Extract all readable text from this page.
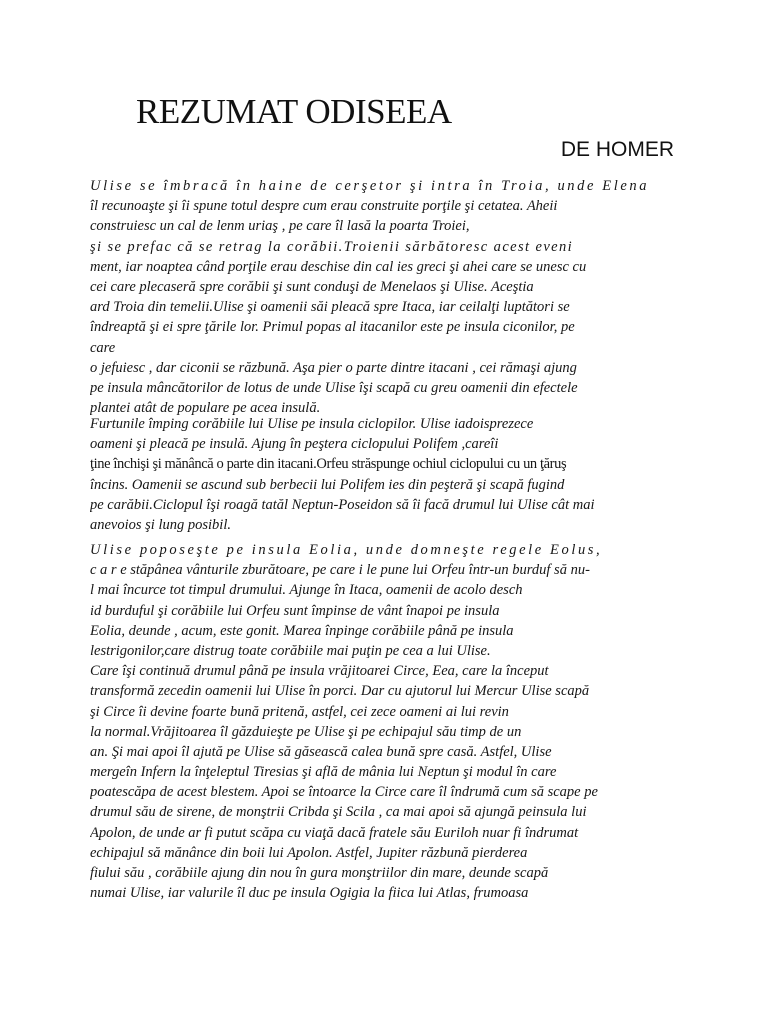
REZUMAT ODISEEA
DE HOMER
Ulise se îmbracă în haine de cerşetor şi intra în Troia, unde Elena
îl recunoaşte şi îi spune totul despre cum erau construite porţile şi cetatea. Aheii
construiesc un cal de lenm uriaş , pe care îl lasă la poarta Troiei,
şi se prefac că se retrag la corăbii.Troienii sărbătoresc acest eveni
ment, iar noaptea când porţile erau deschise din cal ies greci şi ahei care se unesc cu
cei care plecaseră spre corăbii şi sunt conduşi de Menelaos şi Ulise. Aceştia
ard Troia din temelii.Ulise şi oamenii săi pleacă spre Itaca, iar ceilalţi luptători se
îndreaptă şi ei spre ţările lor. Primul popas al itacanilor este pe insula ciconilor, pe
care
o jefuiesc , dar ciconii se răzbună. Aşa pier o parte dintre itacani , cei rămaşi ajung
pe insula mâncătorilor de lotus de unde Ulise îşi scapă cu greu oamenii din efectele
plantei atât de populare pe acea insulă.
Furtunile împing corăbiile lui Ulise pe insula ciclopilor. Ulise iadoisprezece
oameni şi pleacă pe insulă. Ajung în peştera ciclopului Polifem ,careîi
ţine închişi şi mănâncă o parte din itacani.Orfeu străspunge ochiul ciclopului cu un ţăruş
încins. Oamenii se ascund sub berbecii lui Polifem ies din peşteră şi scapă fugind
pe carăbii.Ciclopul îşi roagă tatăl Neptun-Poseidon să îi facă drumul lui Ulise cât mai
anevoios şi lung posibil.
Ulise poposeşte pe insula Eolia, unde domneşte regele Eolus,
c a r e stăpânea vânturile zburătoare, pe care i le pune lui Orfeu într-un burduf să nu-
l mai încurce tot timpul drumului. Ajunge în Itaca, oamenii de acolo desch
id burduful şi corăbiile lui Orfeu sunt împinse de vânt înapoi pe insula
Eolia, deunde , acum, este gonit. Marea înpinge corăbiile până pe insula
lestrigonilor,care distrug toate corăbiile mai puţin pe cea a lui Ulise.
Care îşi continuă drumul până pe insula vrăjitoarei Circe, Eea, care la început
transformă zecedin oamenii lui Ulise în porci. Dar cu ajutorul lui Mercur Ulise scapă
şi Circe îi devine foarte bună pritenă, astfel, cei zece oameni ai lui revin
la normal.Vrăjitoarea îl găzduieşte pe Ulise şi pe echipajul său timp de un
an. Şi mai apoi îl ajută pe Ulise să găsească calea bună spre casă. Astfel, Ulise
mergeîn Infern la înţeleptul Tiresias şi află de mânia lui Neptun şi modul în care
poatescăpa de acest blestem. Apoi se întoarce la Circe care îl îndrumă cum să scape pe
drumul său de sirene, de monştrii Cribda şi Scila , ca mai apoi să ajungă peinsula lui
Apolon, de unde ar fi putut scăpa cu viaţă dacă fratele său Euriloh nuar fi îndrumat
echipajul să mănânce din boii lui Apolon. Astfel, Jupiter răzbună pierderea
fiului său , corăbiile ajung din nou în gura monştriilor din mare, deunde scapă
numai Ulise, iar valurile îl duc pe insula Ogigia la fiica lui Atlas, frumoasa
